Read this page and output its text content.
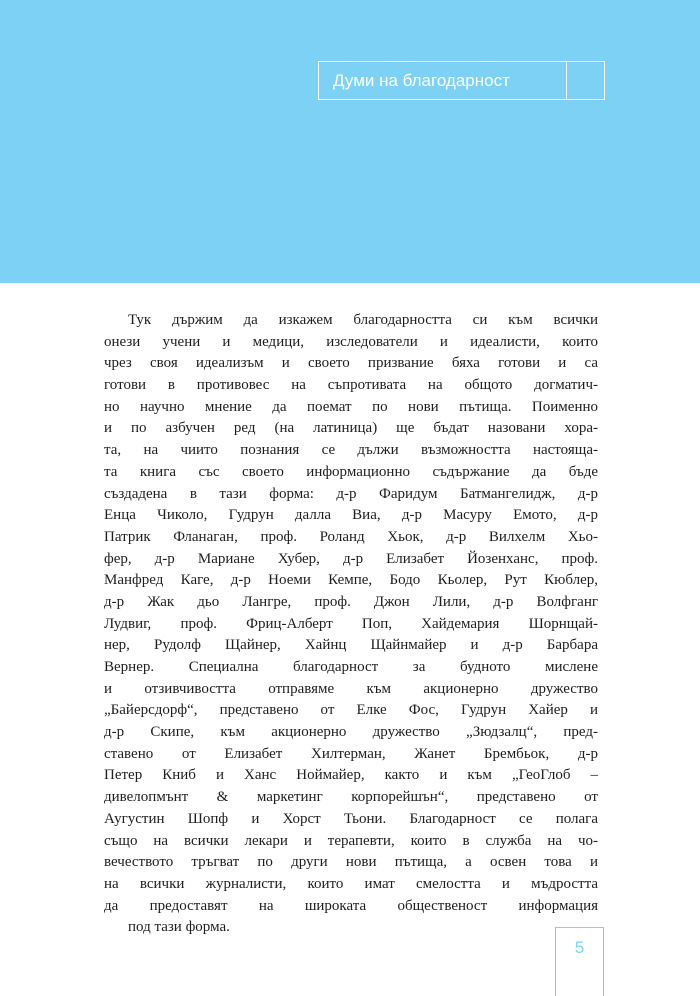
Думи на благодарност
Тук държим да изкажем благодарността си към всички
онези учени и медици, изследователи и идеалисти, които
чрез своя идеализъм и своето призвание бяха готови и са
готови в противовес на съпротивата на общото догматич-
но научно мнение да поемат по нови пътища. Поименно
и по азбучен ред (на латиница) ще бъдат назовани хора-
та, на чиито познания се дължи възможността настояща-
та книга със своето информационно съдържание да бъде
създадена в тази форма: д-р Фаридум Батмангелидж, д-р
Енца Чиколо, Гудрун далла Виа, д-р Масуру Емото, д-р
Патрик Фланаган, проф. Роланд Хьок, д-р Вилхелм Хьо-
фер, д-р Мариане Хубер, д-р Елизабет Йозенханс, проф.
Манфред Каге, д-р Ноеми Кемпе, Бодо Кьолер, Рут Кюблер,
д-р Жак дьо Лангре, проф. Джон Лили, д-р Волфганг
Лудвиг, проф. Фриц-Алберт Поп, Хайдемария Шорнщай-
нер, Рудолф Щайнер, Хайнц Щайнмайер и д-р Барбара
Вернер. Специална благодарност за будното мислене
и отзивчивостта отправяме към акционерно дружество
„Байерсдорф“, представено от Елке Фос, Гудрун Хайер и
д-р Скипе, към акционерно дружество „Зюдзалц“, пред-
ставено от Елизабет Хилтерман, Жанет Брембьок, д-р
Петер Книб и Ханс Ноймайер, както и към „ГеоГлоб –
дивелопмънт & маркетинг корпорейшън“, представено от
Аугустин Шопф и Хорст Тьони. Благодарност се полага
също на всички лекари и терапевти, които в служба на чо-
вечеството тръгват по други нови пътища, а освен това и
на всички журналисти, които имат смелостта и мъдростта
да предоставят на широката общественост информация
под тази форма.
5
